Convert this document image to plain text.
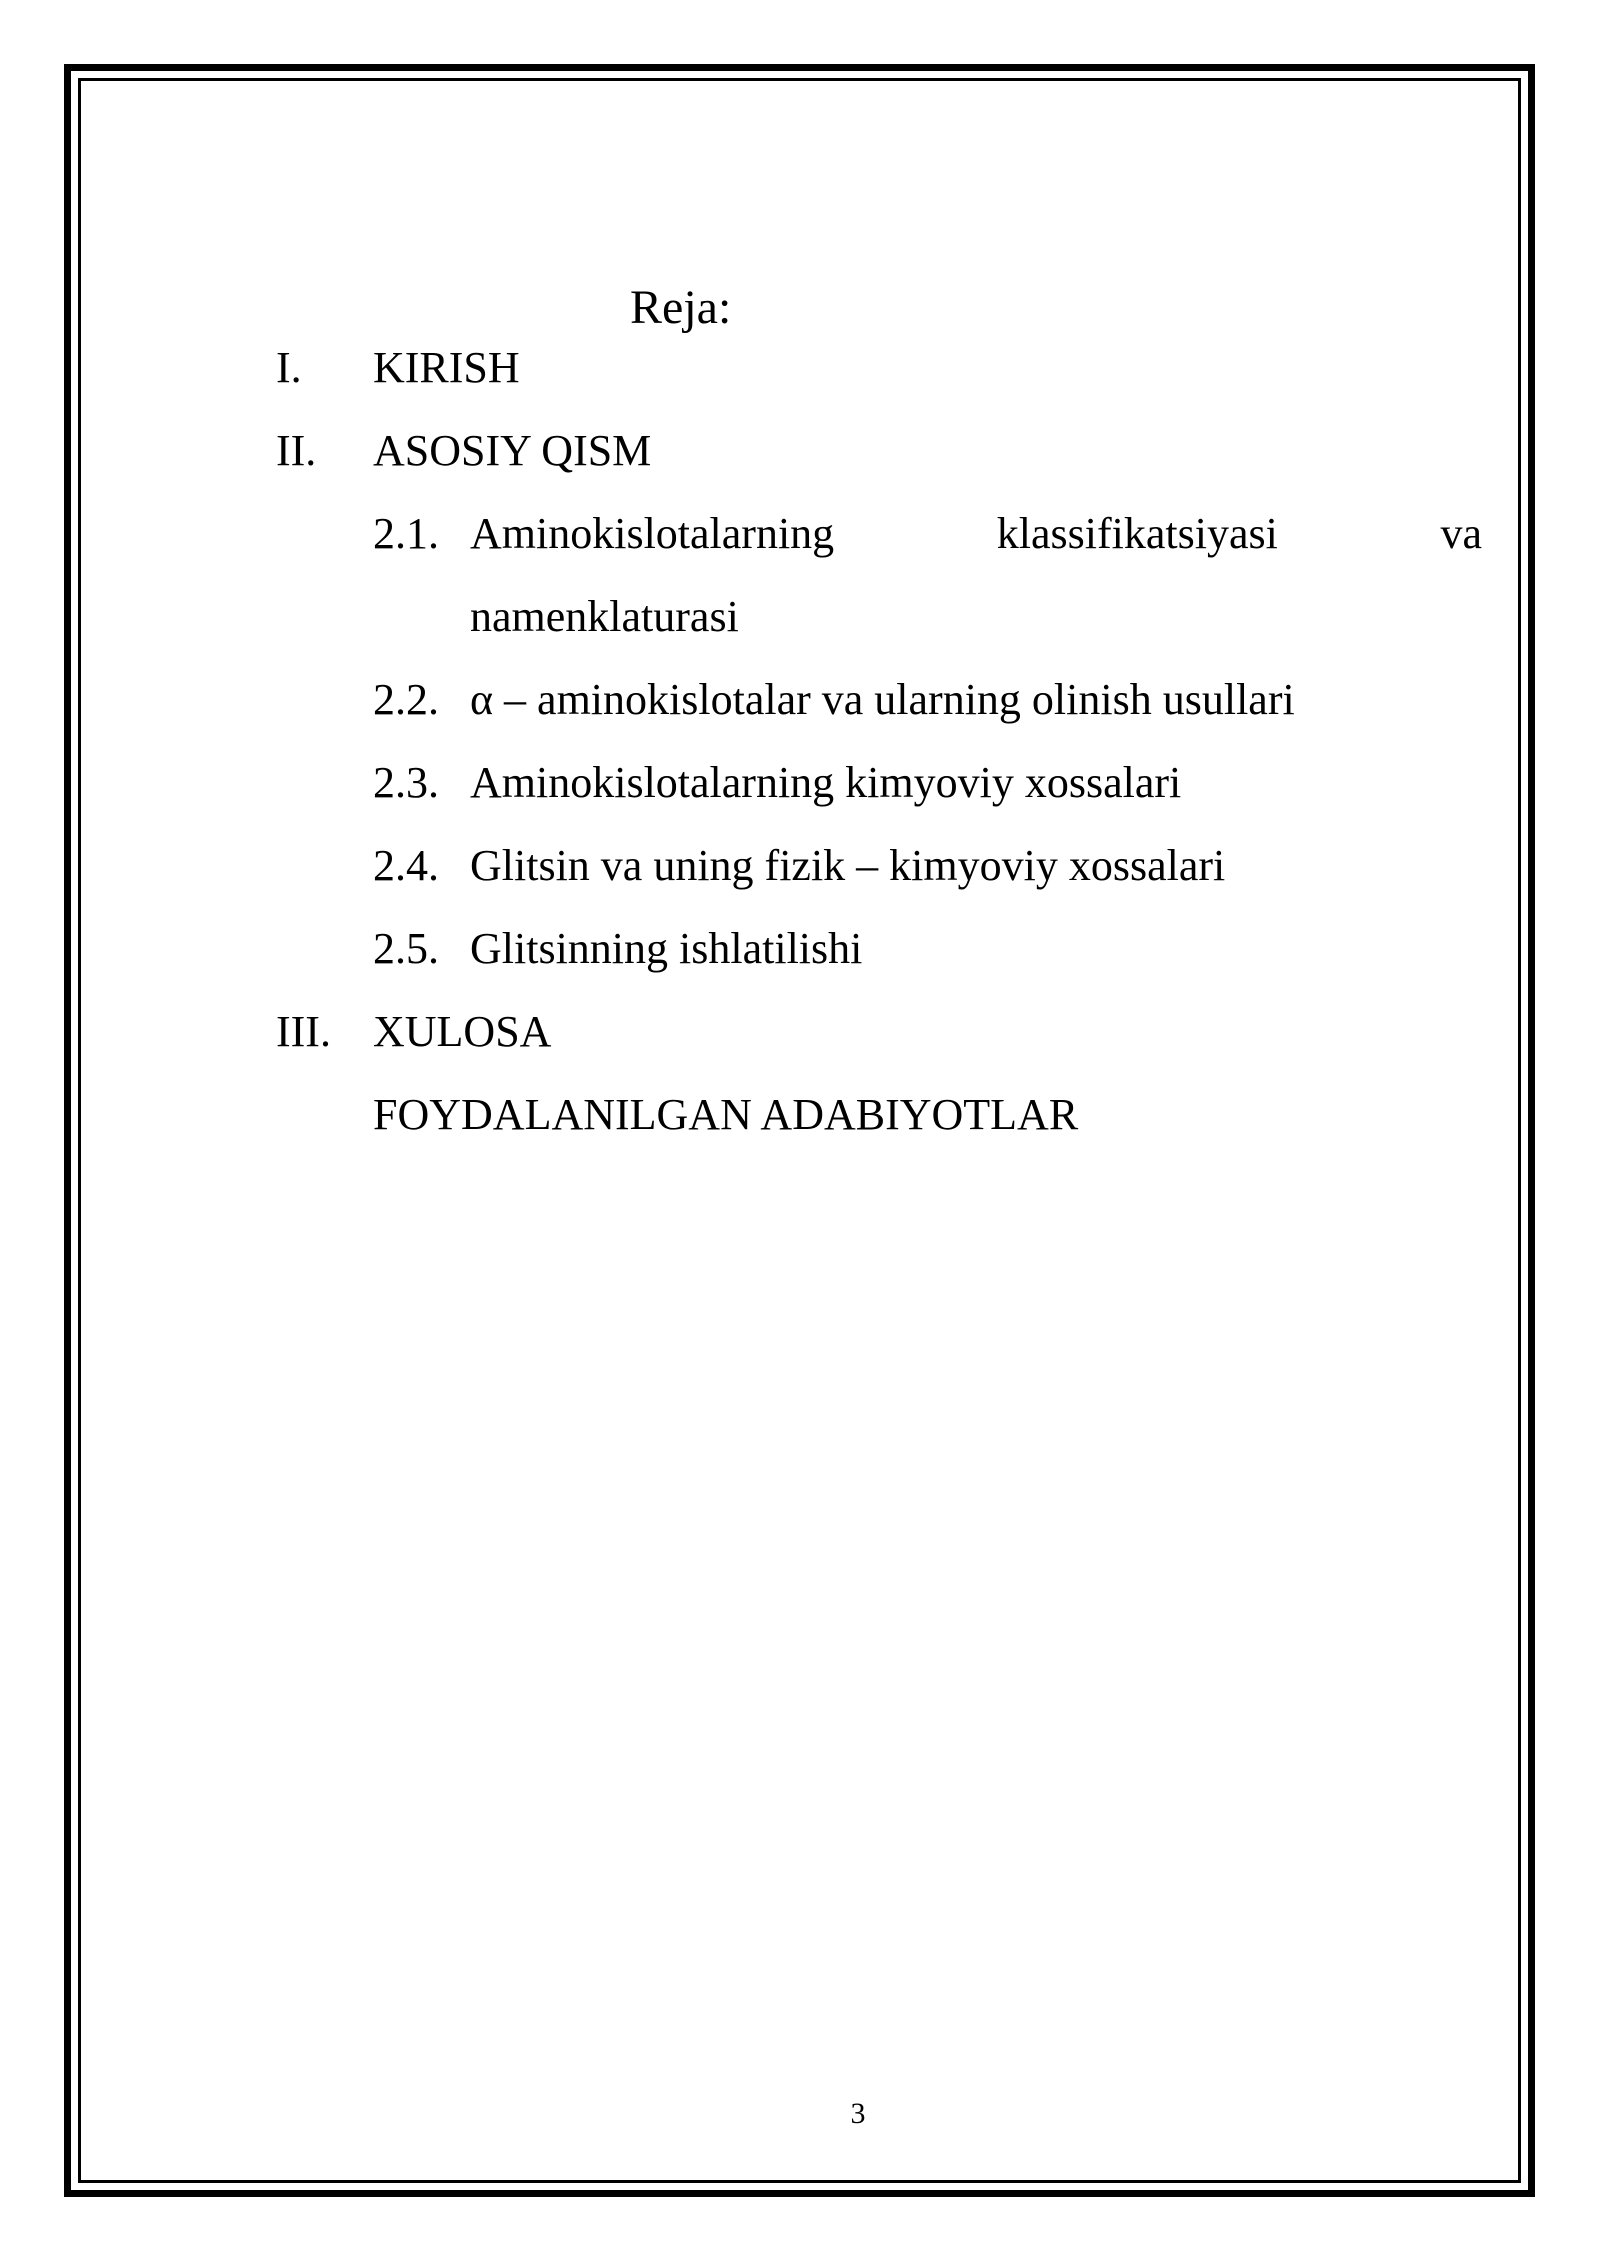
Reja:
I. KIRISH
II. ASOSIY QISM
2.1. Aminokislotalarning	klassifikatsiyasi	va
namenklaturasi
2.2. α – aminokislotalar va ularning olinish usullari
2.3. Aminokislotalarning kimyoviy xossalari
2.4. Glitsin va uning fizik – kimyoviy xossalari
2.5. Glitsinning ishlatilishi
III. XULOSA
FOYDALANILGAN ADABIYOTLAR
3
